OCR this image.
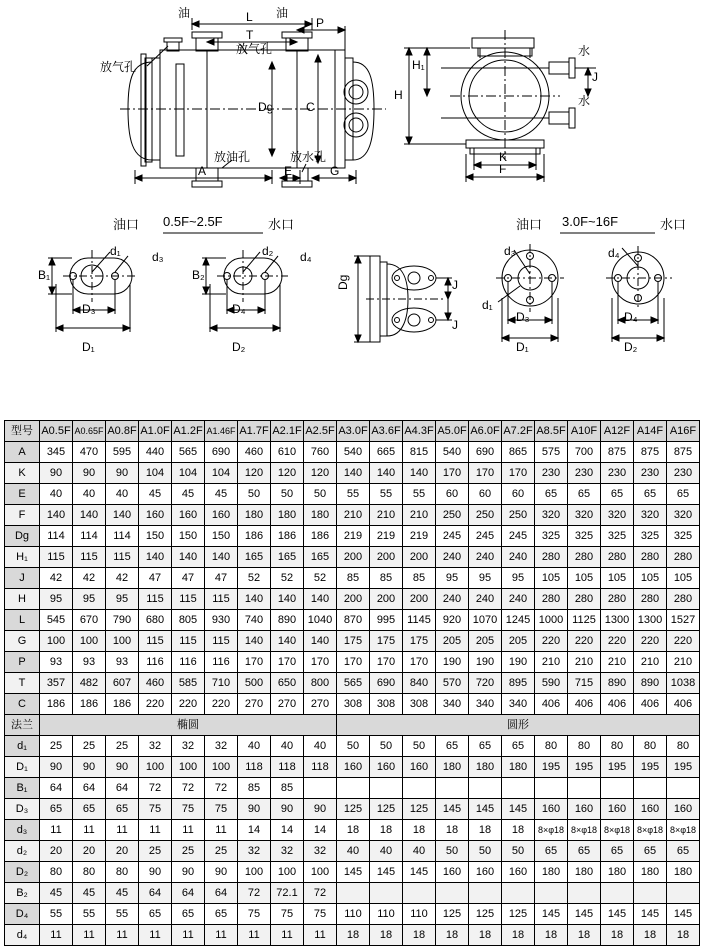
油	油
放气孔
放气孔
放油孔	放水孔
水
水
L
T
P
Dg	C
A	E	G
H
H₁
J
K
F
油口 0.5F~2.5F	水口	油口 3.0F~16F	水口
d₁	d₃
B₁
D₃
D₁
d₂ d₄
B₂
D₄
D₂
Dg	J
J
d₃
d₁
D₃
D₁
d₄
D₄
D₂
型号	A0.5F	A0.65F	A0.8F	A1.0F	A1.2F	A1.46F	A1.7F	A2.1F	A2.5F	A3.0F	A3.6F	A4.3F	A5.0F	A6.0F	A7.2F	A8.5F	A10F	A12F	A14F	A16F
A	345	470	595	440	565	690	460	610	760	540	665	815	540	690	865	575	700	875	875	875
K	90	90	90	104	104	104	120	120	120	140	140	140	170	170	170	230	230	230	230	230
E	40	40	40	45	45	45	50	50	50	55	55	55	60	60	60	65	65	65	65	65
F	140	140	140	160	160	160	180	180	180	210	210	210	250	250	250	320	320	320	320	320
Dg	114	114	114	150	150	150	186	186	186	219	219	219	245	245	245	325	325	325	325	325
H₁	115	115	115	140	140	140	165	165	165	200	200	200	240	240	240	280	280	280	280	280
J	42	42	42	47	47	47	52	52	52	85	85	85	95	95	95	105	105	105	105	105
H	95	95	95	115	115	115	140	140	140	200	200	200	240	240	240	280	280	280	280	280
L	545	670	790	680	805	930	740	890	1040	870	995	1145	920	1070	1245	1000	1125	1300	1300	1527
G	100	100	100	115	115	115	140	140	140	175	175	175	205	205	205	220	220	220	220	220
P	93	93	93	116	116	116	170	170	170	170	170	170	190	190	190	210	210	210	210	210
T	357	482	607	460	585	710	500	650	800	565	690	840	570	720	895	590	715	890	890	1038
C	186	186	186	220	220	220	270	270	270	308	308	308	340	340	340	406	406	406	406	406
法兰	椭圆									圆形										
d₁	25	25	25	32	32	32	40	40	40	50	50	50	65	65	65	80	80	80	80	80
D₁	90	90	90	100	100	100	118	118	118	160	160	160	180	180	180	195	195	195	195	195
B₁	64	64	64	72	72	72	85	85												
D₃	65	65	65	75	75	75	90	90	90	125	125	125	145	145	145	160	160	160	160	160
d₃	11	11	11	11	11	11	14	14	14	18	18	18	18	18	18	8×φ18	8×φ18	8×φ18	8×φ18	8×φ18
d₂	20	20	20	25	25	25	32	32	32	40	40	40	50	50	50	65	65	65	65	65
D₂	80	80	80	90	90	90	100	100	100	145	145	145	160	160	160	180	180	180	180	180
B₂	45	45	45	64	64	64	72	72.1	72											
D₄	55	55	55	65	65	65	75	75	75	110	110	110	125	125	125	145	145	145	145	145
d₄	11	11	11	11	11	11	11	11	11	18	18	18	18	18	18	18	18	18	18	18
